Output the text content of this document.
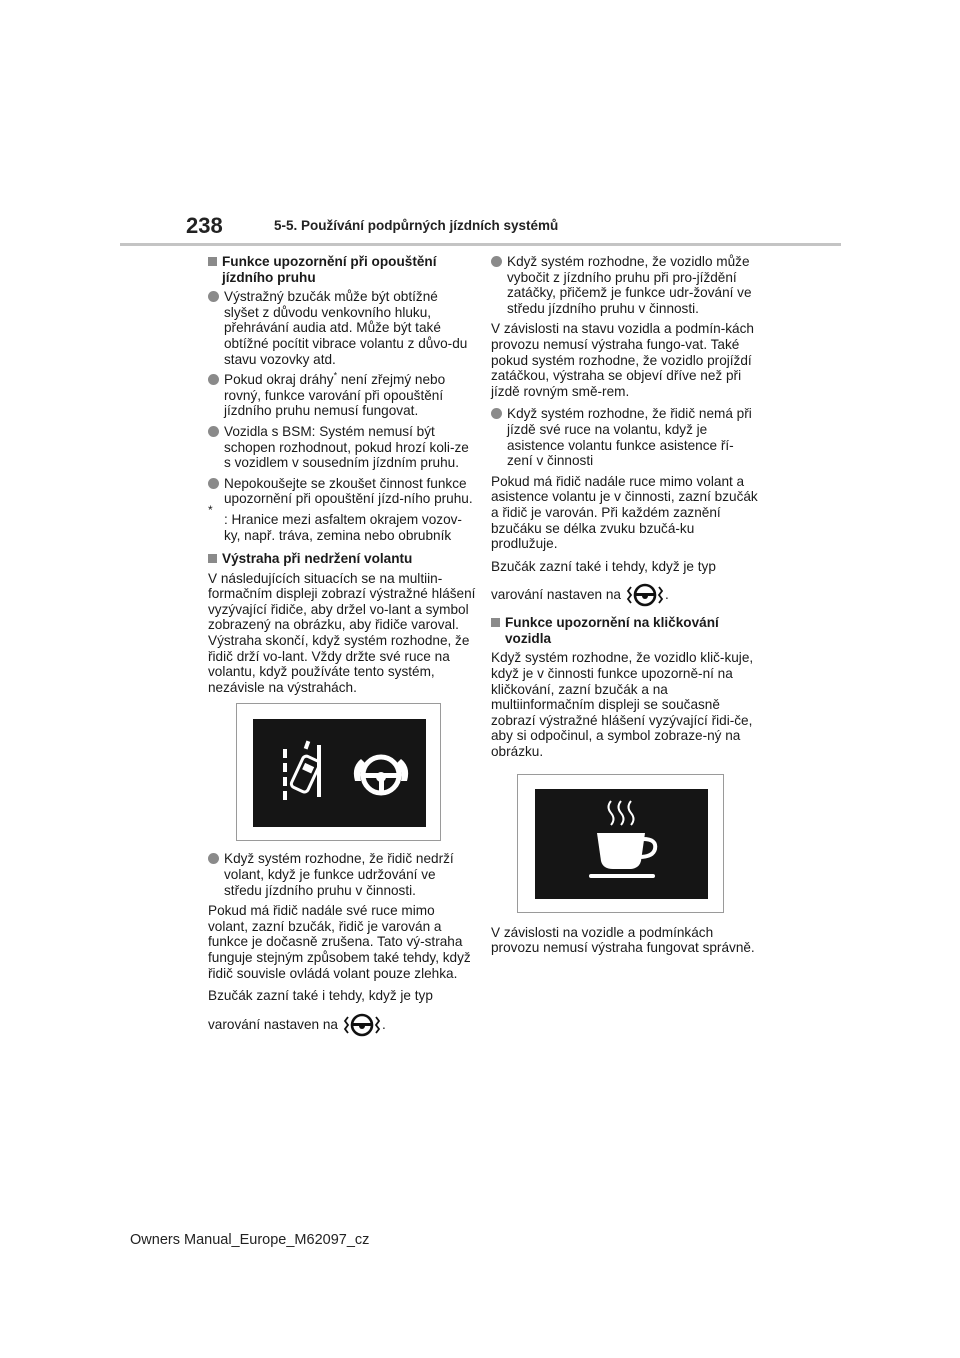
238	5-5. Používání podpůrných jízdních systémů
Funkce upozornění při opouštění jízdního pruhu
Výstražný bzučák může být obtížné slyšet z důvodu venkovního hluku, přehrávání audia atd. Může být také obtížné pocítit vibrace volantu z důvo-du stavu vozovky atd.
Pokud okraj dráhy* není zřejmý nebo rovný, funkce varování při opouštění jízdního pruhu nemusí fungovat.
Vozidla s BSM: Systém nemusí být schopen rozhodnout, pokud hrozí koli-ze s vozidlem v sousedním jízdním pruhu.
Nepokoušejte se zkoušet činnost funkce upozornění při opouštění jízd-ního pruhu.
*
: Hranice mezi asfaltem okrajem vozov-ky, např. tráva, zemina nebo obrubník
Výstraha při nedržení volantu
V následujících situacích se na multiin-formačním displeji zobrazí výstražné hlášení vyzývající řidiče, aby držel vo-lant a symbol zobrazený na obrázku, aby řidiče varoval. Výstraha skončí, když systém rozhodne, že řidič drží vo-lant. Vždy držte své ruce na volantu, když používáte tento systém, nezávisle na výstrahách.
Když systém rozhodne, že řidič nedrží volant, když je funkce udržování ve středu jízdního pruhu v činnosti.
Pokud má řidič nadále své ruce mimo volant, zazní bzučák, řidič je varován a funkce je dočasně zrušena. Tato vý-straha funguje stejným způsobem také tehdy, když řidič souvisle ovládá volant pouze zlehka.
Bzučák zazní také i tehdy, když je typ
varování nastaven na	.
Když systém rozhodne, že vozidlo může vybočit z jízdního pruhu při pro-jíždění zatáčky, přičemž je funkce udr-žování ve středu jízdního pruhu v činnosti.
V závislosti na stavu vozidla a podmín-kách provozu nemusí výstraha fungo-vat. Také pokud systém rozhodne, že vozidlo projíždí zatáčkou, výstraha se objeví dříve než při jízdě rovným smě-rem.
Když systém rozhodne, že řidič nemá při jízdě své ruce na volantu, když je asistence volantu funkce asistence ří-zení v činnosti
Pokud má řidič nadále ruce mimo volant a asistence volantu je v činnosti, zazní bzučák a řidič je varován. Při každém zaznění bzučáku se délka zvuku bzučá-ku prodlužuje.
Bzučák zazní také i tehdy, když je typ
varování nastaven na	.
Funkce upozornění na kličkování vozidla
Když systém rozhodne, že vozidlo klič-kuje, když je v činnosti funkce upozorně-ní na kličkování, zazní bzučák a na multiinformačním displeji se současně zobrazí výstražné hlášení vyzývající řidi-če, aby si odpočinul, a symbol zobraze-ný na obrázku.
V závislosti na vozidle a podmínkách provozu nemusí výstraha fungovat správně.
Owners Manual_Europe_M62097_cz
